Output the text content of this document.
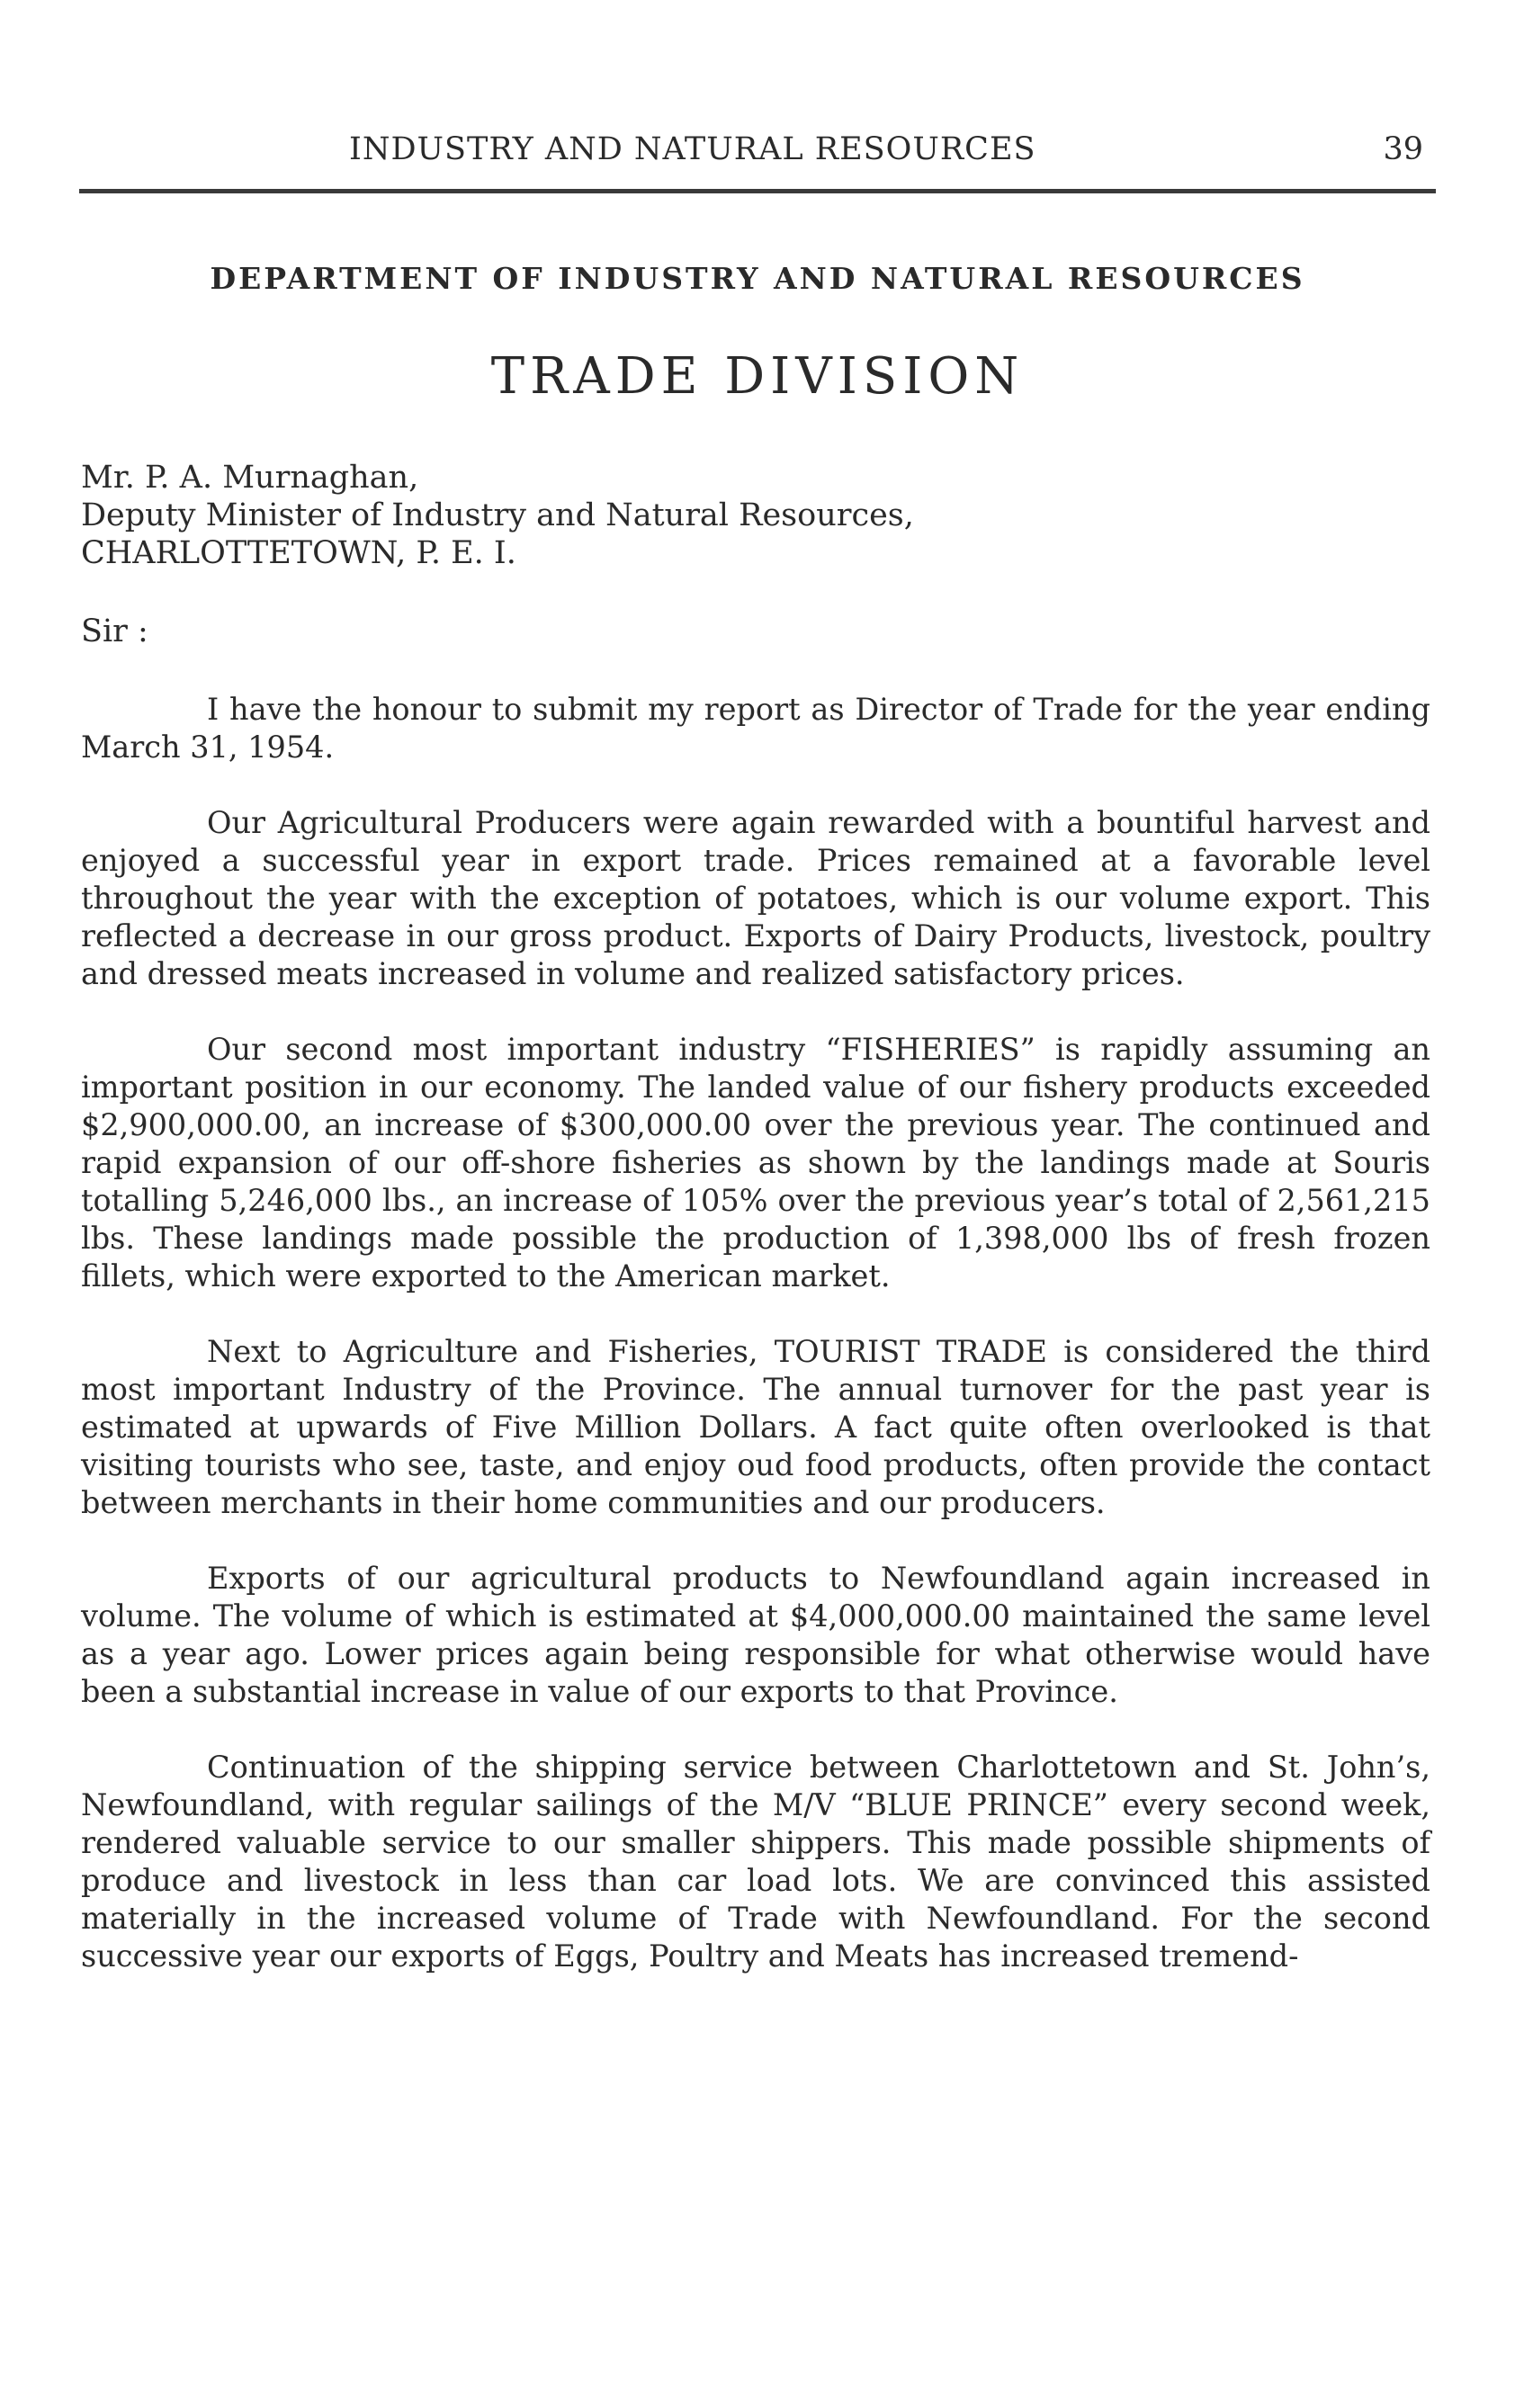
INDUSTRY AND NATURAL RESOURCES	39
DEPARTMENT OF INDUSTRY AND NATURAL RESOURCES
TRADE DIVISION
Mr. P. A. Murnaghan,
Deputy Minister of Industry and Natural Resources,
CHARLOTTETOWN, P. E. I.
Sir :

I have the honour to submit my report as Director of Trade for the year ending March 31, 1954.

Our Agricultural Producers were again rewarded with a bountiful harvest and enjoyed a successful year in export trade. Prices remained at a favorable level throughout the year with the exception of potatoes, which is our volume export. This reflected a decrease in our gross product. Exports of Dairy Products, livestock, poultry and dressed meats increased in volume and realized satisfactory prices.

Our second most important industry “FISHERIES” is rapidly assuming an important position in our economy. The landed value of our fishery products exceeded $2,900,000.00, an increase of $300,000.00 over the previous year. The continued and rapid expansion of our off-shore fisheries as shown by the landings made at Souris totalling 5,246,000 lbs., an increase of 105% over the previous year’s total of 2,561,215 lbs. These landings made possible the production of 1,398,000 lbs of fresh frozen fillets, which were exported to the American market.

Next to Agriculture and Fisheries, TOURIST TRADE is considered the third most important Industry of the Province. The annual turnover for the past year is estimated at upwards of Five Million Dollars. A fact quite often overlooked is that visiting tourists who see, taste, and enjoy oud food products, often provide the contact between merchants in their home communities and our producers.

Exports of our agricultural products to Newfoundland again increased in volume. The volume of which is estimated at $4,000,000.00 maintained the same level as a year ago. Lower prices again being responsible for what otherwise would have been a substantial increase in value of our exports to that Province.

Continuation of the shipping service between Charlottetown and St. John’s, Newfoundland, with regular sailings of the M/V “BLUE PRINCE” every second week, rendered valuable service to our smaller shippers. This made possible shipments of produce and livestock in less than car load lots. We are convinced this assisted materially in the increased volume of Trade with Newfoundland. For the second successive year our exports of Eggs, Poultry and Meats has increased tremend-
